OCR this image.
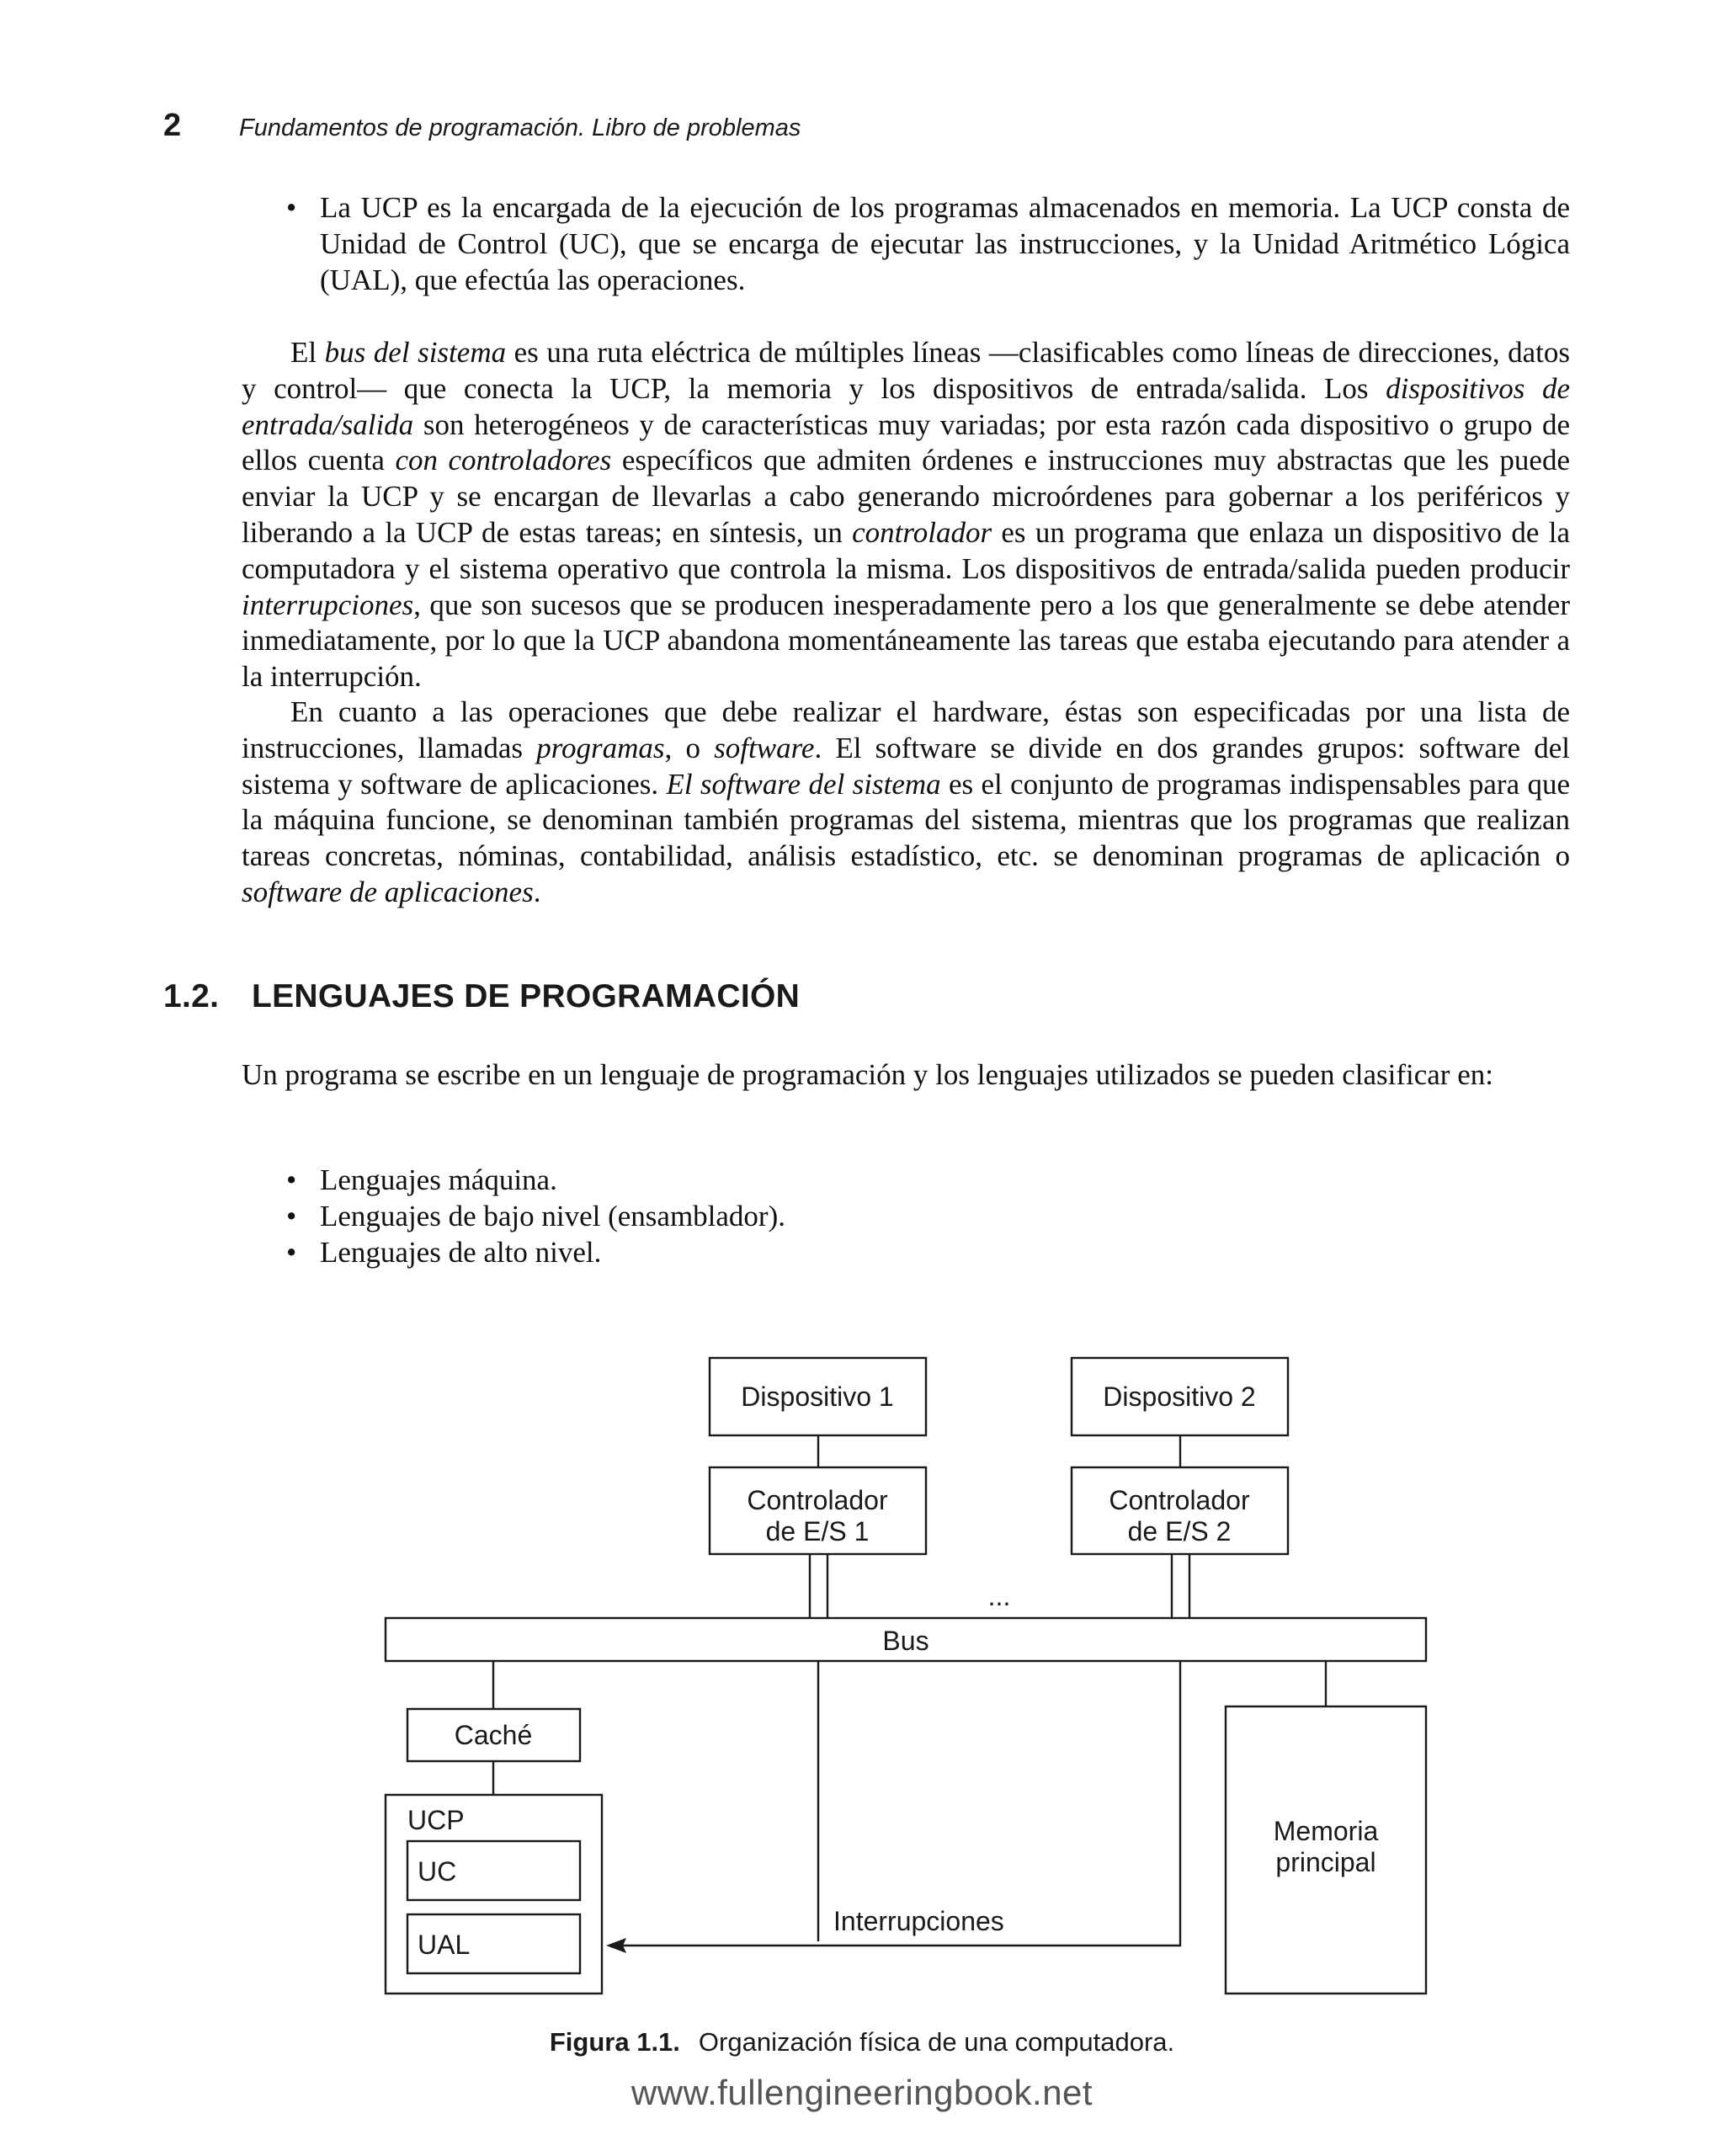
2 Fundamentos de programación. Libro de problemas
• La UCP es la encargada de la ejecución de los programas almacenados en memoria. La UCP consta de Unidad de Control (UC), que se encarga de ejecutar las instrucciones, y la Unidad Aritmético Lógica (UAL), que efectúa las operaciones.

El bus del sistema es una ruta eléctrica de múltiples líneas —clasificables como líneas de direcciones, datos y control— que conecta la UCP, la memoria y los dispositivos de entrada/salida. Los dispositivos de entrada/salida son heterogéneos y de características muy variadas; por esta razón cada dispositivo o grupo de ellos cuenta con controladores específicos que admiten órdenes e instrucciones muy abstractas que les puede enviar la UCP y se encargan de llevarlas a cabo generando microórdenes para gobernar a los periféricos y liberando a la UCP de estas tareas; en síntesis, un controlador es un programa que enlaza un dispositivo de la computadora y el sistema operativo que controla la misma. Los dispositivos de entrada/salida pueden producir interrupciones, que son sucesos que se producen inesperadamente pero a los que generalmente se debe atender inmediatamente, por lo que la UCP abandona momentáneamente las tareas que estaba ejecutando para atender a la interrupción.

En cuanto a las operaciones que debe realizar el hardware, éstas son especificadas por una lista de instrucciones, llamadas programas, o software. El software se divide en dos grandes grupos: software del sistema y software de aplicaciones. El software del sistema es el conjunto de programas indispensables para que la máquina funcione, se denominan también programas del sistema, mientras que los programas que realizan tareas concretas, nóminas, contabilidad, análisis estadístico, etc. se denominan programas de aplicación o software de aplicaciones.

1.2. LENGUAJES DE PROGRAMACIÓN

Un programa se escribe en un lenguaje de programación y los lenguajes utilizados se pueden clasificar en:

• Lenguajes máquina.
• Lenguajes de bajo nivel (ensamblador).
• Lenguajes de alto nivel.
Dispositivo 1	Dispositivo 2
Controlador
de E/S 1
Controlador
de E/S 2
...
Bus
Caché
UCP
UC
UAL
Interrupciones
Memoria
principal
Figura 1.1. Organización física de una computadora.
www.fullengineeringbook.net
